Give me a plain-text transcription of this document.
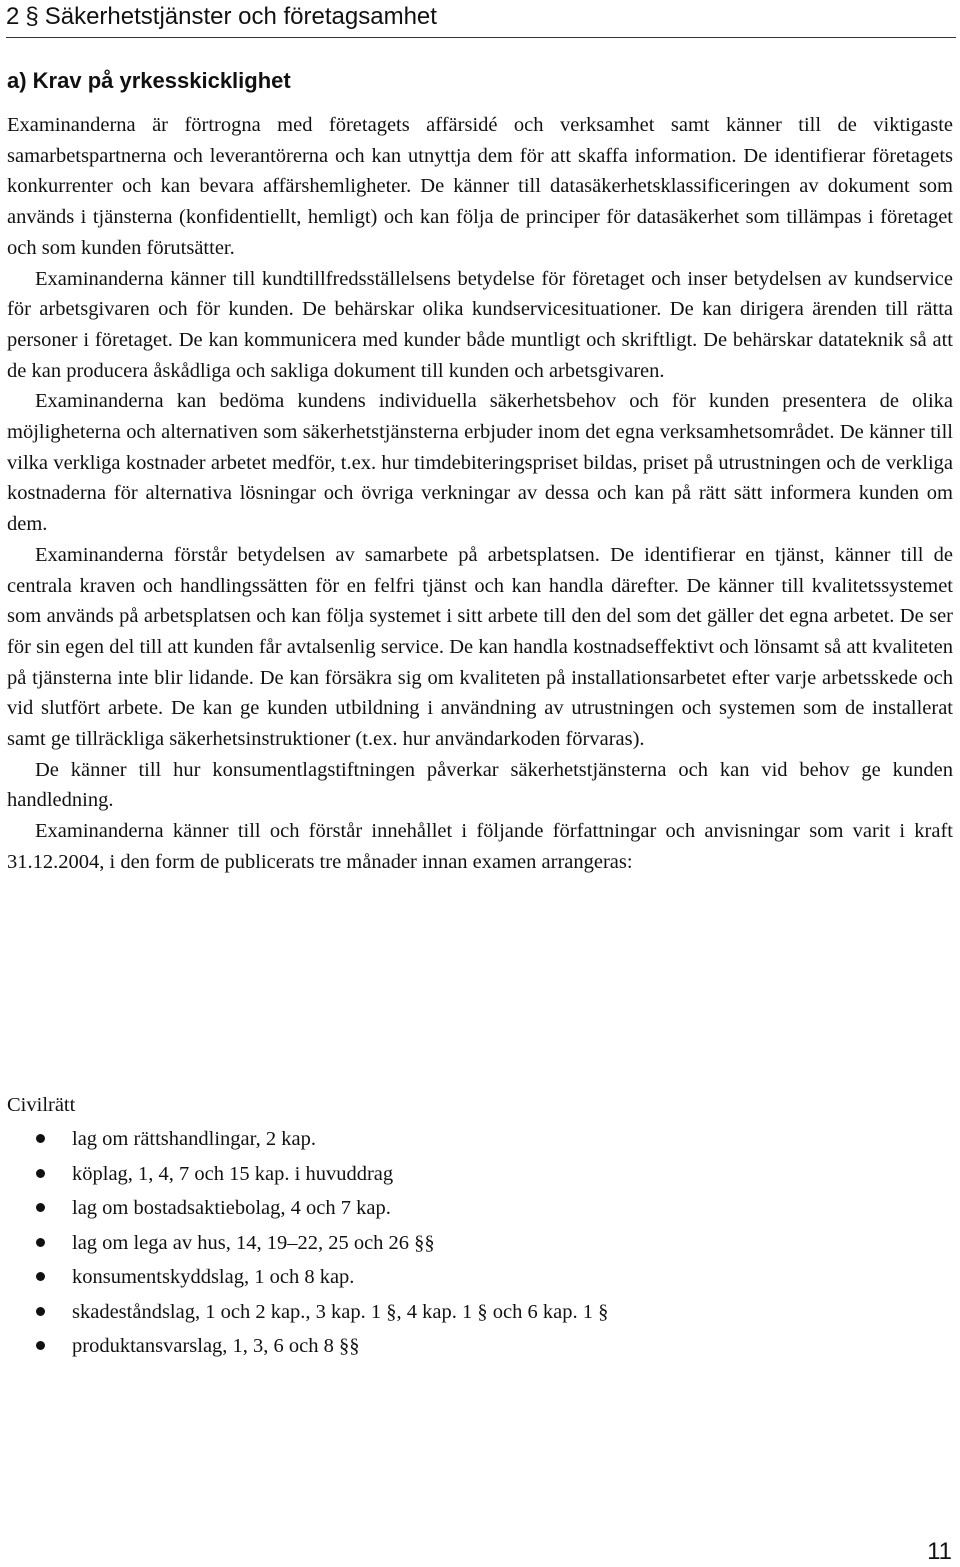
2 § Säkerhetstjänster och företagsamhet
a) Krav på yrkesskicklighet

Examinanderna är förtrogna med företagets affärsidé och verksamhet samt känner till de viktigaste samarbetspartnerna och leverantörerna och kan utnyttja dem för att skaffa information. De identifierar företagets konkurrenter och kan bevara affärshemligheter. De känner till datasäkerhetsklassificeringen av dokument som används i tjänsterna (konfidentiellt, hemligt) och kan följa de principer för datasäkerhet som tillämpas i företaget och som kunden förutsätter.

Examinanderna känner till kundtillfredsställelsens betydelse för företaget och inser betydelsen av kundservice för arbetsgivaren och för kunden. De behärskar olika kundservicesituationer. De kan dirigera ärenden till rätta personer i företaget. De kan kommunicera med kunder både muntligt och skriftligt. De behärskar datateknik så att de kan producera åskådliga och sakliga dokument till kunden och arbetsgivaren.

Examinanderna kan bedöma kundens individuella säkerhetsbehov och för kunden presentera de olika möjligheterna och alternativen som säkerhetstjänsterna erbjuder inom det egna verksamhetsområdet. De känner till vilka verkliga kostnader arbetet medför, t.ex. hur timdebiteringspriset bildas, priset på utrustningen och de verkliga kostnaderna för alternativa lösningar och övriga verkningar av dessa och kan på rätt sätt informera kunden om dem.

Examinanderna förstår betydelsen av samarbete på arbetsplatsen. De identifierar en tjänst, känner till de centrala kraven och handlingssätten för en felfri tjänst och kan handla därefter. De känner till kvalitetssystemet som används på arbetsplatsen och kan följa systemet i sitt arbete till den del som det gäller det egna arbetet. De ser för sin egen del till att kunden får avtalsenlig service. De kan handla kostnadseffektivt och lönsamt så att kvaliteten på tjänsterna inte blir lidande. De kan försäkra sig om kvaliteten på installationsarbetet efter varje arbetsskede och vid slutfört arbete. De kan ge kunden utbildning i användning av utrustningen och systemen som de installerat samt ge tillräckliga säkerhetsinstruktioner (t.ex. hur användarkoden förvaras).

De känner till hur konsumentlagstiftningen påverkar säkerhetstjänsterna och kan vid behov ge kunden handledning.

Examinanderna känner till och förstår innehållet i följande författningar och anvisningar som varit i kraft 31.12.2004, i den form de publicerats tre månader innan examen arrangeras:

Civilrätt
lag om rättshandlingar, 2 kap.
köplag, 1, 4, 7 och 15 kap. i huvuddrag
lag om bostadsaktiebolag, 4 och 7 kap.
lag om lega av hus, 14, 19–22, 25 och 26 §§
konsumentskyddslag, 1 och 8 kap.
skadeståndslag, 1 och 2 kap., 3 kap. 1 §, 4 kap. 1 § och 6 kap. 1 §
produktansvarslag, 1, 3, 6 och 8 §§
11
